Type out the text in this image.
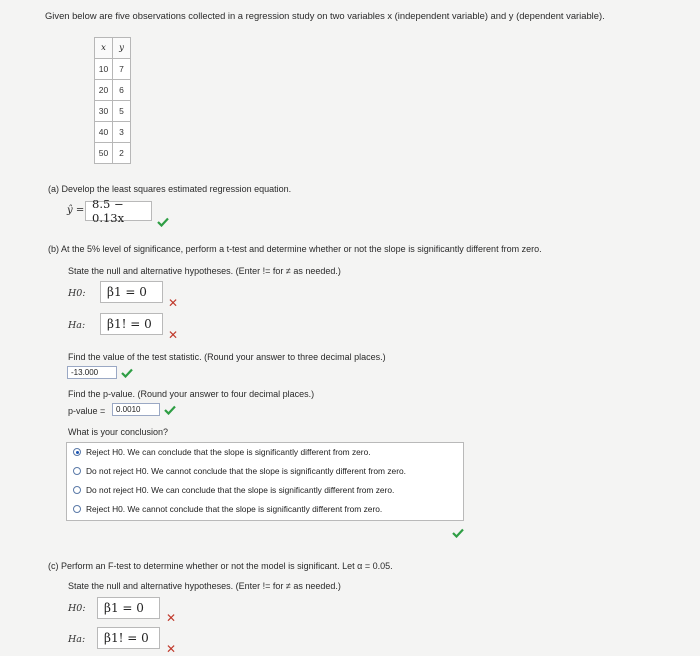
Given below are five observations collected in a regression study on two variables x (independent variable) and y (dependent variable).
x	y
10	7
20	6
30	5
40	3
50	2
(a) Develop the least squares estimated regression equation.
ŷ = 8.5 − 0.13x
(b) At the 5% level of significance, perform a t-test and determine whether or not the slope is significantly different from zero.
State the null and alternative hypotheses. (Enter != for ≠ as needed.)
H0:	β1 = 0
✕
Ha:	β1! = 0
✕
Find the value of the test statistic. (Round your answer to three decimal places.)
-13.000
Find the p-value. (Round your answer to four decimal places.)
p-value =	0.0010
What is your conclusion?
Reject H0. We can conclude that the slope is significantly different from zero.
Do not reject H0. We cannot conclude that the slope is significantly different from zero.
Do not reject H0. We can conclude that the slope is significantly different from zero.
Reject H0. We cannot conclude that the slope is significantly different from zero.
(c) Perform an F-test to determine whether or not the model is significant. Let α = 0.05.
State the null and alternative hypotheses. (Enter != for ≠ as needed.)
H0:	β1 = 0
✕
Ha:	β1! = 0
✕
